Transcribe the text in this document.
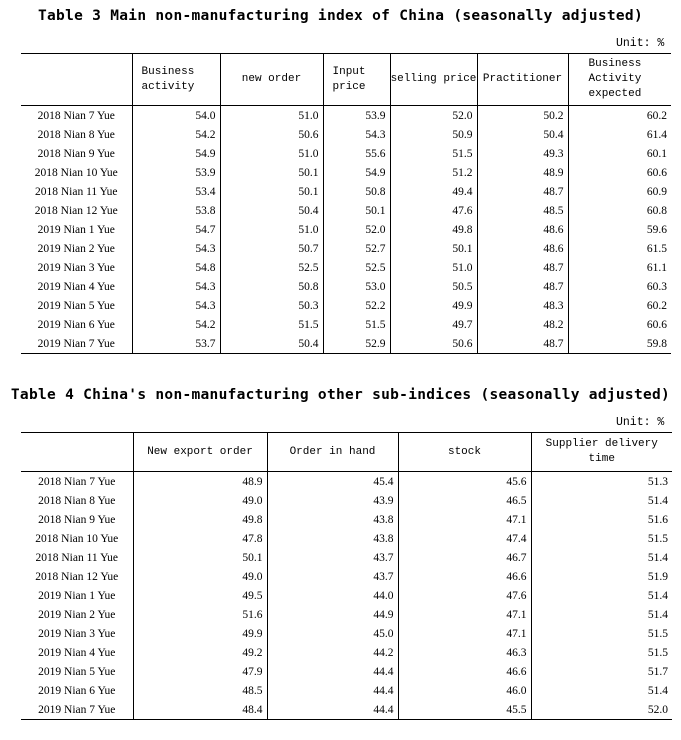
Table 3 Main non-manufacturing index of China (seasonally adjusted)
Unit: %
	Business activity	new order	Input price	selling price	Practitioner	Business Activity expected
2018 Nian 7 Yue	54.0	51.0	53.9	52.0	50.2	60.2
2018 Nian 8 Yue	54.2	50.6	54.3	50.9	50.4	61.4
2018 Nian 9 Yue	54.9	51.0	55.6	51.5	49.3	60.1
2018 Nian 10 Yue	53.9	50.1	54.9	51.2	48.9	60.6
2018 Nian 11 Yue	53.4	50.1	50.8	49.4	48.7	60.9
2018 Nian 12 Yue	53.8	50.4	50.1	47.6	48.5	60.8
2019 Nian 1 Yue	54.7	51.0	52.0	49.8	48.6	59.6
2019 Nian 2 Yue	54.3	50.7	52.7	50.1	48.6	61.5
2019 Nian 3 Yue	54.8	52.5	52.5	51.0	48.7	61.1
2019 Nian 4 Yue	54.3	50.8	53.0	50.5	48.7	60.3
2019 Nian 5 Yue	54.3	50.3	52.2	49.9	48.3	60.2
2019 Nian 6 Yue	54.2	51.5	51.5	49.7	48.2	60.6
2019 Nian 7 Yue	53.7	50.4	52.9	50.6	48.7	59.8
Table 4 China's non-manufacturing other sub-indices (seasonally adjusted)
Unit: %
	New export order	Order in hand	stock	Supplier delivery time
2018 Nian 7 Yue	48.9	45.4	45.6	51.3
2018 Nian 8 Yue	49.0	43.9	46.5	51.4
2018 Nian 9 Yue	49.8	43.8	47.1	51.6
2018 Nian 10 Yue	47.8	43.8	47.4	51.5
2018 Nian 11 Yue	50.1	43.7	46.7	51.4
2018 Nian 12 Yue	49.0	43.7	46.6	51.9
2019 Nian 1 Yue	49.5	44.0	47.6	51.4
2019 Nian 2 Yue	51.6	44.9	47.1	51.4
2019 Nian 3 Yue	49.9	45.0	47.1	51.5
2019 Nian 4 Yue	49.2	44.2	46.3	51.5
2019 Nian 5 Yue	47.9	44.4	46.6	51.7
2019 Nian 6 Yue	48.5	44.4	46.0	51.4
2019 Nian 7 Yue	48.4	44.4	45.5	52.0
